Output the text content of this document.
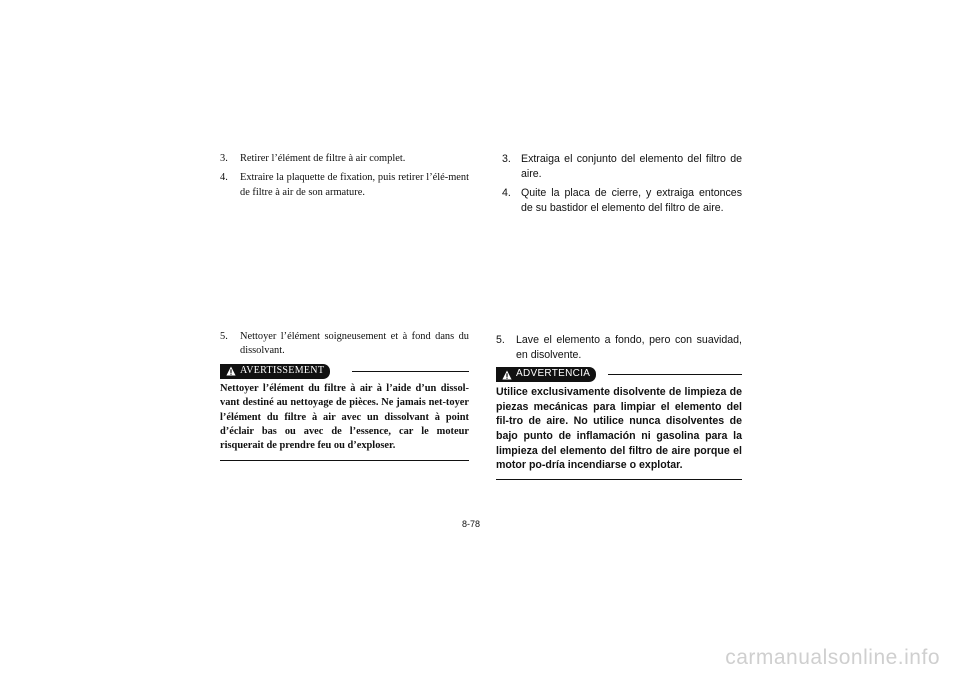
3. Retirer l’élément de filtre à air complet.
4. Extraire la plaquette de fixation, puis retirer l’élé-ment de filtre à air de son armature.
3. Extraiga el conjunto del elemento del filtro de aire.
4. Quite la placa de cierre, y extraiga entonces de su bastidor el elemento del filtro de aire.
5. Nettoyer l’élément soigneusement et à fond dans du dissolvant.
AVERTISSEMENT
Nettoyer l’élément du filtre à air à l’aide d’un dissol-vant destiné au nettoyage de pièces. Ne jamais net-toyer l’élément du filtre à air avec un dissolvant à point d’éclair bas ou avec de l’essence, car le moteur risquerait de prendre feu ou d’exploser.
5. Lave el elemento a fondo, pero con suavidad, en disolvente.
ADVERTENCIA
Utilice exclusivamente disolvente de limpieza de piezas mecánicas para limpiar el elemento del fil-tro de aire. No utilice nunca disolventes de bajo punto de inflamación ni gasolina para la limpieza del elemento del filtro de aire porque el motor po-dría incendiarse o explotar.
8-78
carmanualsonline.info
